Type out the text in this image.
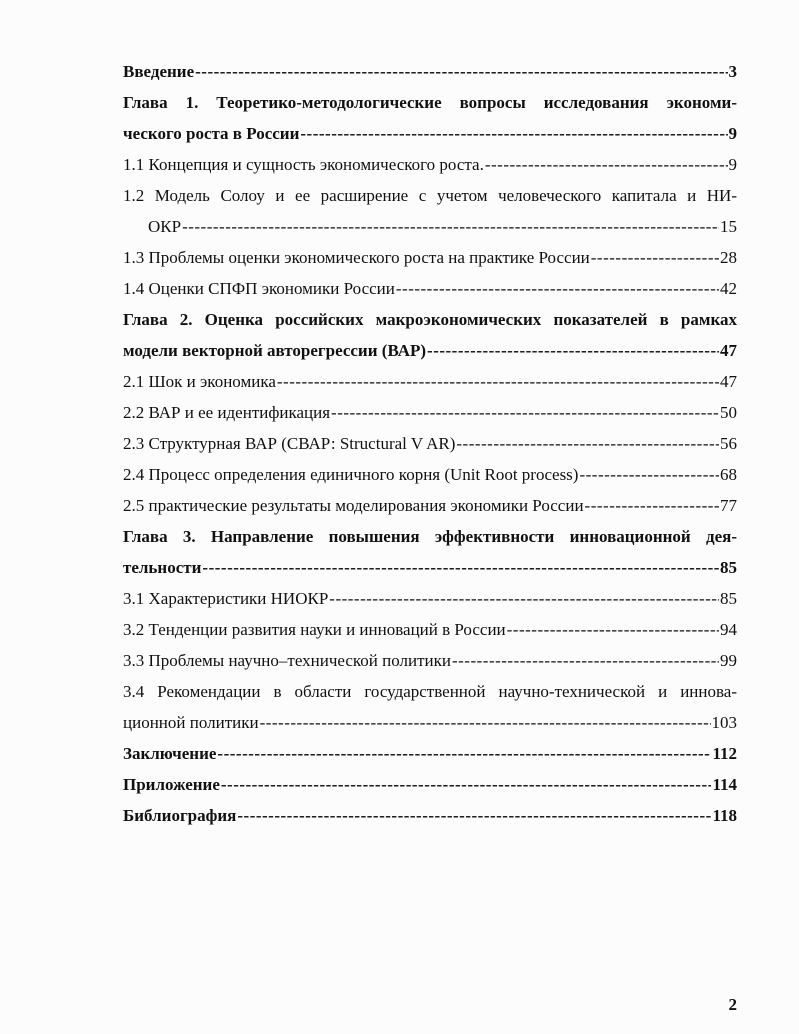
Введение -----	3
Глава 1. Теоретико-методологические вопросы исследования экономи-
ческого роста в России -----	9
1.1 Концепция и сущность экономического роста. -----	9
1.2 Модель Солоу и ее расширение с учетом человеческого капитала и НИ-
ОКР -----	15
1.3 Проблемы оценки экономического роста на практике России -----	28
1.4 Оценки СПФП экономики России -----	42
Глава 2. Оценка российских макроэкономических показателей в рамках
модели векторной авторегрессии (ВАР) -----	47
2.1 Шок и экономика -----	47
2.2 ВАР и ее идентификация -----	50
2.3 Структурная ВАР (СВАР: Structural V AR) -----	56
2.4 Процесс определения единичного корня (Unit Root process) -----	68
2.5 практические результаты моделирования экономики России -----	77
Глава 3. Направление повышения эффективности инновационной дея-
тельности -----	85
3.1 Характеристики НИОКР -----	85
3.2 Тенденции развития науки и инноваций в России -----	94
3.3 Проблемы научно–технической политики -----	99
3.4 Рекомендации в области государственной научно-технической и иннова-
ционной политики -----	103
Заключение -----	112
Приложение -----	114
Библиография -----	118
2
